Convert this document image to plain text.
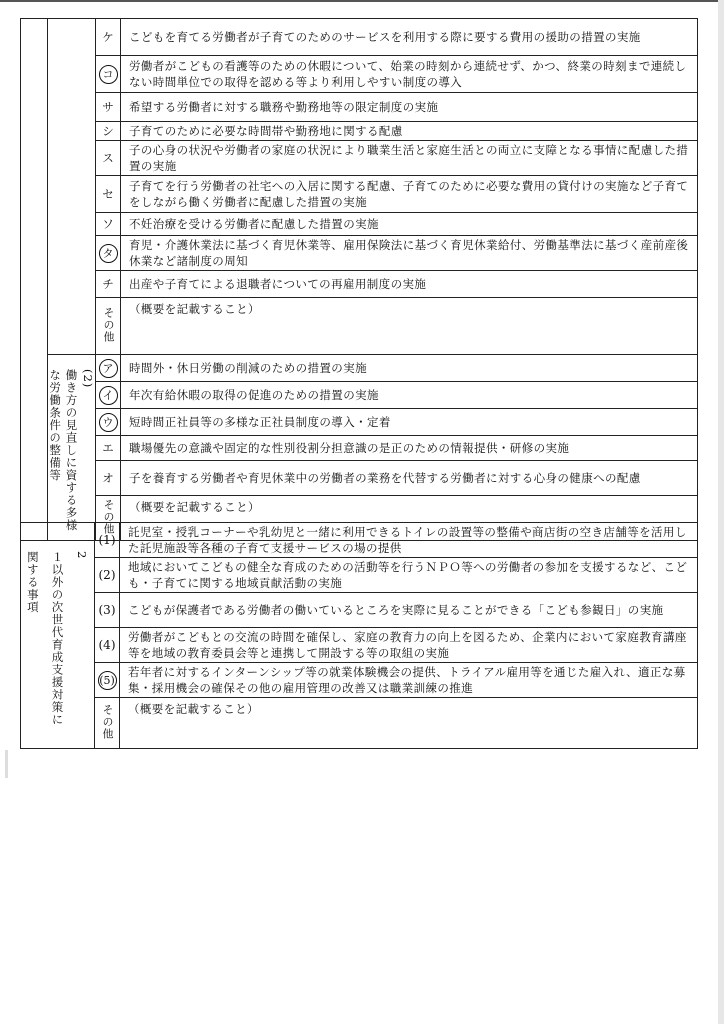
		ケ	こどもを育てる労働者が子育てのためのサービスを利用する際に要する費用の援助の措置の実施
		コ	労働者がこどもの看護等のための休暇について、始業の時刻から連続せず、かつ、終業の時刻まで連続しない時間単位での取得を認める等より利用しやすい制度の導入
		サ	希望する労働者に対する職務や勤務地等の限定制度の実施
		シ	子育てのために必要な時間帯や勤務地に関する配慮
		ス	子の心身の状況や労働者の家庭の状況により職業生活と家庭生活との両立に支障となる事情に配慮した措置の実施
		セ	子育てを行う労働者の社宅への入居に関する配慮、子育てのために必要な費用の貸付けの実施など子育てをしながら働く労働者に配慮した措置の実施
		ソ	不妊治療を受ける労働者に配慮した措置の実施
		タ	育児・介護休業法に基づく育児休業等、雇用保険法に基づく育児休業給付、労働基準法に基づく産前産後休業など諸制度の周知
		チ	出産や子育てによる退職者についての再雇用制度の実施
		その他	（概要を記載すること）

	(2)
働き方の見直しに資する多様
な労働条件の整備等	ア	時間外・休日労働の削減のための措置の実施
		イ	年次有給休暇の取得の促進のための措置の実施
		ウ	短時間正社員等の多様な正社員制度の導入・定着
		エ	職場優先の意識や固定的な性別役割分担意識の是正のための情報提供・研修の実施
		オ	子を養育する労働者や育児休業中の労働者の業務を代替する労働者に対する心身の健康への配慮
		その他	（概要を記載すること）
2
１以外の次世代育成支援対策に
関する事項	(1)	託児室・授乳コーナーや乳幼児と一緒に利用できるトイレの設置等の整備や商店街の空き店舗等を活用した託児施設等各種の子育て支援サービスの場の提供
	(2)	地域においてこどもの健全な育成のための活動等を行うＮＰＯ等への労働者の参加を支援するなど、こども・子育てに関する地域貢献活動の実施
	(3)	こどもが保護者である労働者の働いているところを実際に見ることができる「こども参観日」の実施
	(4)	労働者がこどもとの交流の時間を確保し、家庭の教育力の向上を図るため、企業内において家庭教育講座等を地域の教育委員会等と連携して開設する等の取組の実施
	(5)	若年者に対するインターンシップ等の就業体験機会の提供、トライアル雇用等を通じた雇入れ、適正な募集・採用機会の確保その他の雇用管理の改善又は職業訓練の推進
	その他	（概要を記載すること）
